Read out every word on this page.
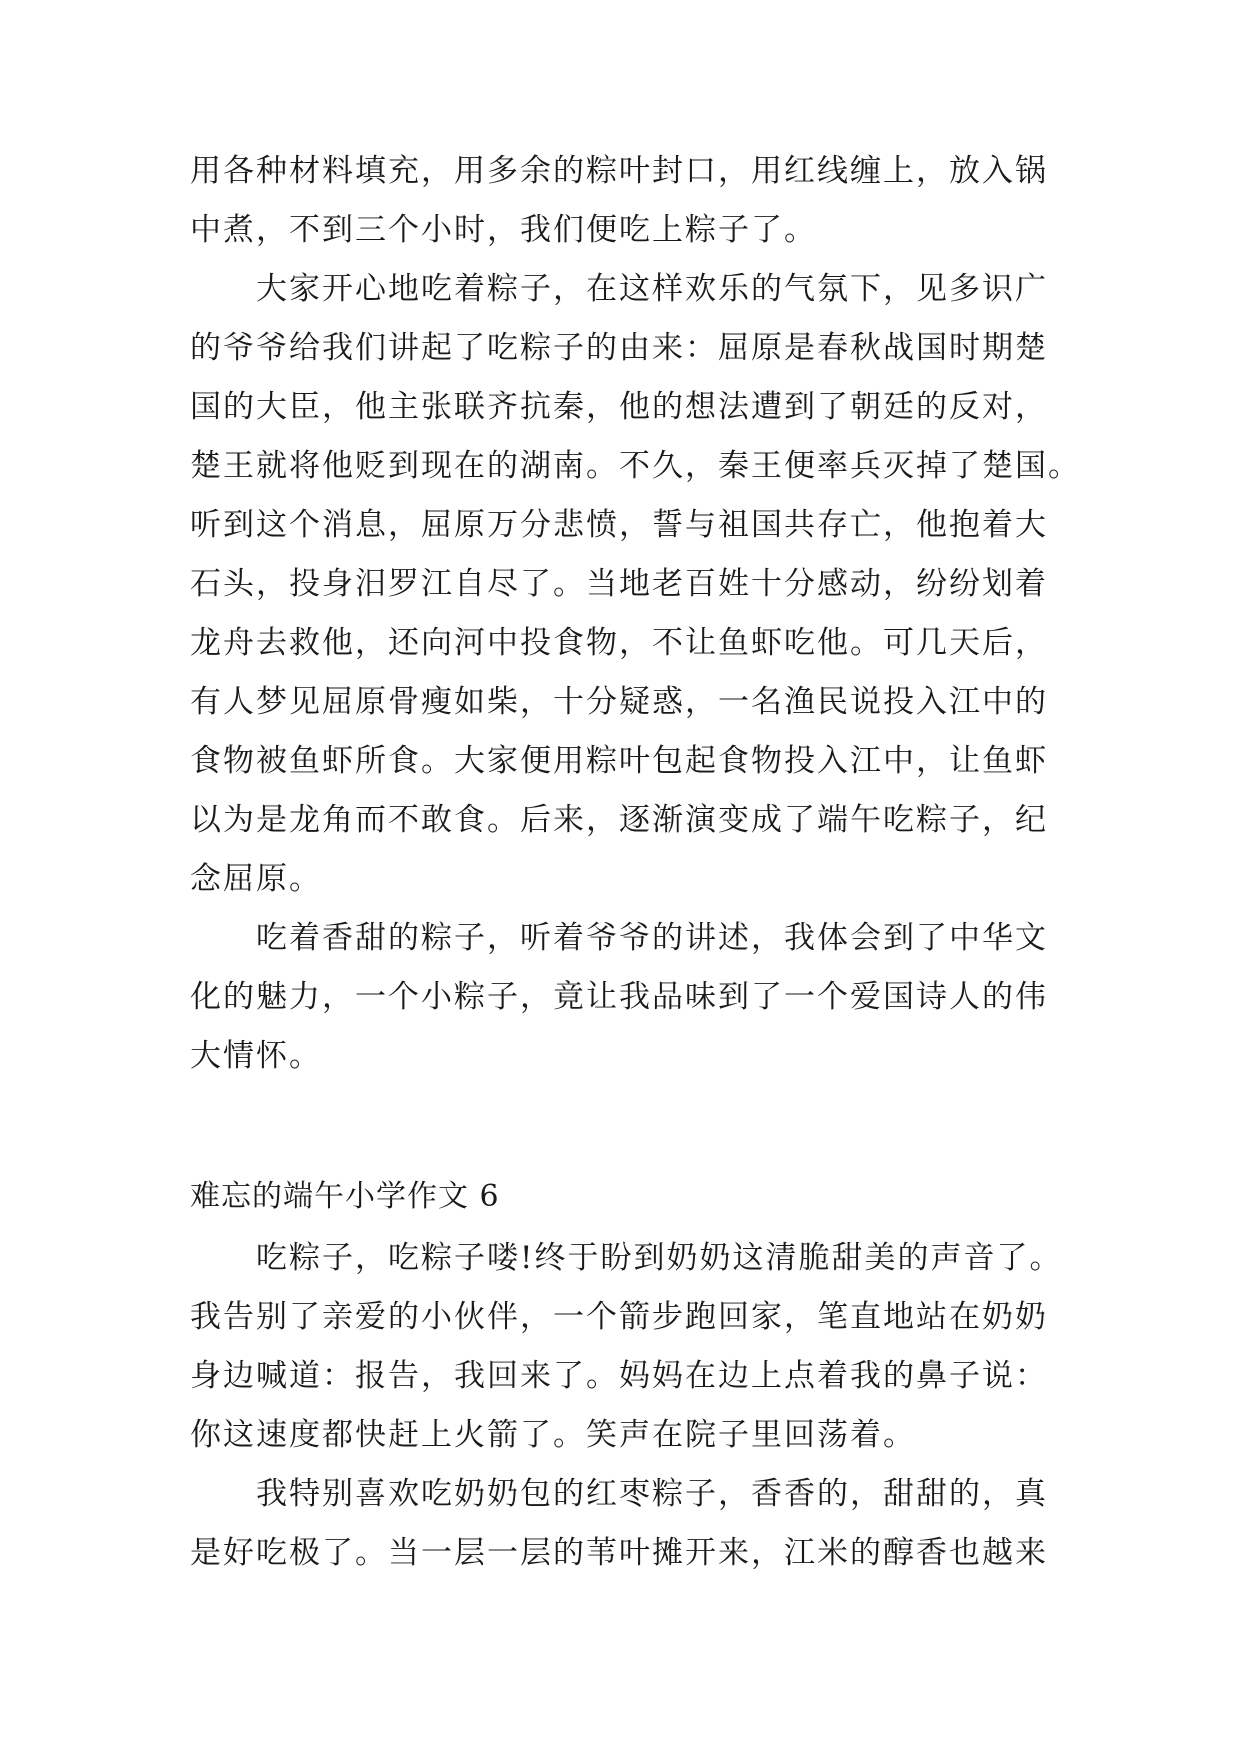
用各种材料填充，用多余的粽叶封口，用红线缠上，放入锅
中煮，不到三个小时，我们便吃上粽子了。
大家开心地吃着粽子，在这样欢乐的气氛下，见多识广
的爷爷给我们讲起了吃粽子的由来：屈原是春秋战国时期楚
国的大臣，他主张联齐抗秦，他的想法遭到了朝廷的反对，
楚王就将他贬到现在的湖南。不久，秦王便率兵灭掉了楚国。
听到这个消息，屈原万分悲愤，誓与祖国共存亡，他抱着大
石头，投身汨罗江自尽了。当地老百姓十分感动，纷纷划着
龙舟去救他，还向河中投食物，不让鱼虾吃他。可几天后，
有人梦见屈原骨瘦如柴，十分疑惑，一名渔民说投入江中的
食物被鱼虾所食。大家便用粽叶包起食物投入江中，让鱼虾
以为是龙角而不敢食。后来，逐渐演变成了端午吃粽子，纪
念屈原。
吃着香甜的粽子，听着爷爷的讲述，我体会到了中华文
化的魅力，一个小粽子，竟让我品味到了一个爱国诗人的伟
大情怀。
难忘的端午小学作文 6
吃粽子，吃粽子喽!终于盼到奶奶这清脆甜美的声音了。
我告别了亲爱的小伙伴，一个箭步跑回家，笔直地站在奶奶
身边喊道：报告，我回来了。妈妈在边上点着我的鼻子说：
你这速度都快赶上火箭了。笑声在院子里回荡着。
我特别喜欢吃奶奶包的红枣粽子，香香的，甜甜的，真
是好吃极了。当一层一层的苇叶摊开来，江米的醇香也越来
